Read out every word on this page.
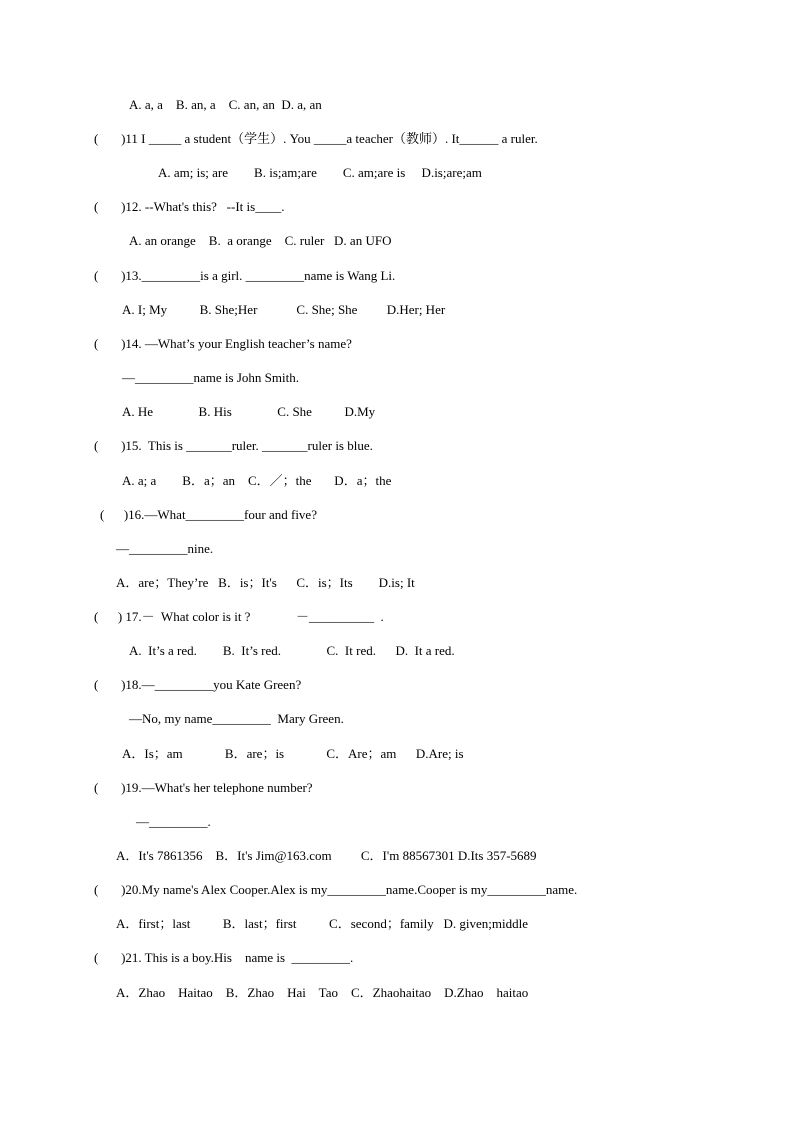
A. a, a    B. an, a    C. an, an  D. a, an
(       )11 I _____ a student（学生）. You _____a teacher（教师）. It______ a ruler.
A. am; is; are        B. is;am;are        C. am;are is     D.is;are;am
(       )12. --What's this?   --It is____.
A. an orange    B.  a orange    C. ruler   D. an UFO
(       )13._________is a girl. _________name is Wang Li.
A. I; My          B. She;Her            C. She; She         D.Her; Her
(       )14. —What’s your English teacher’s name?
—_________name is John Smith.
A. He              B. His              C. She          D.My
(       )15.  This is _______ruler. _______ruler is blue.
A. a; a        B．a；an    C．／；the       D．a；the
(      )16.—What_________four and five?
—_________nine.
A．are；They’re   B．is；It's      C．is；Its        D.is; It
(      ) 17.－  What color is it ?              －__________  .
A.  It’s a red.        B.  It’s red.              C.  It red.      D.  It a red.
(       )18.—_________you Kate Green?
—No, my name_________  Mary Green.
A．Is；am             B．are；is             C．Are；am      D.Are; is
(       )19.—What's her telephone number?
—_________.
A．It's 7861356    B．It's Jim@163.com         C．I'm 88567301 D.Its 357-5689
(       )20.My name's Alex Cooper.Alex is my_________name.Cooper is my_________name.
A．first；last          B．last；first          C．second；family   D. given;middle
(       )21. This is a boy.His    name is  _________.
A．Zhao    Haitao    B．Zhao    Hai    Tao    C．Zhaohaitao    D.Zhao    haitao
